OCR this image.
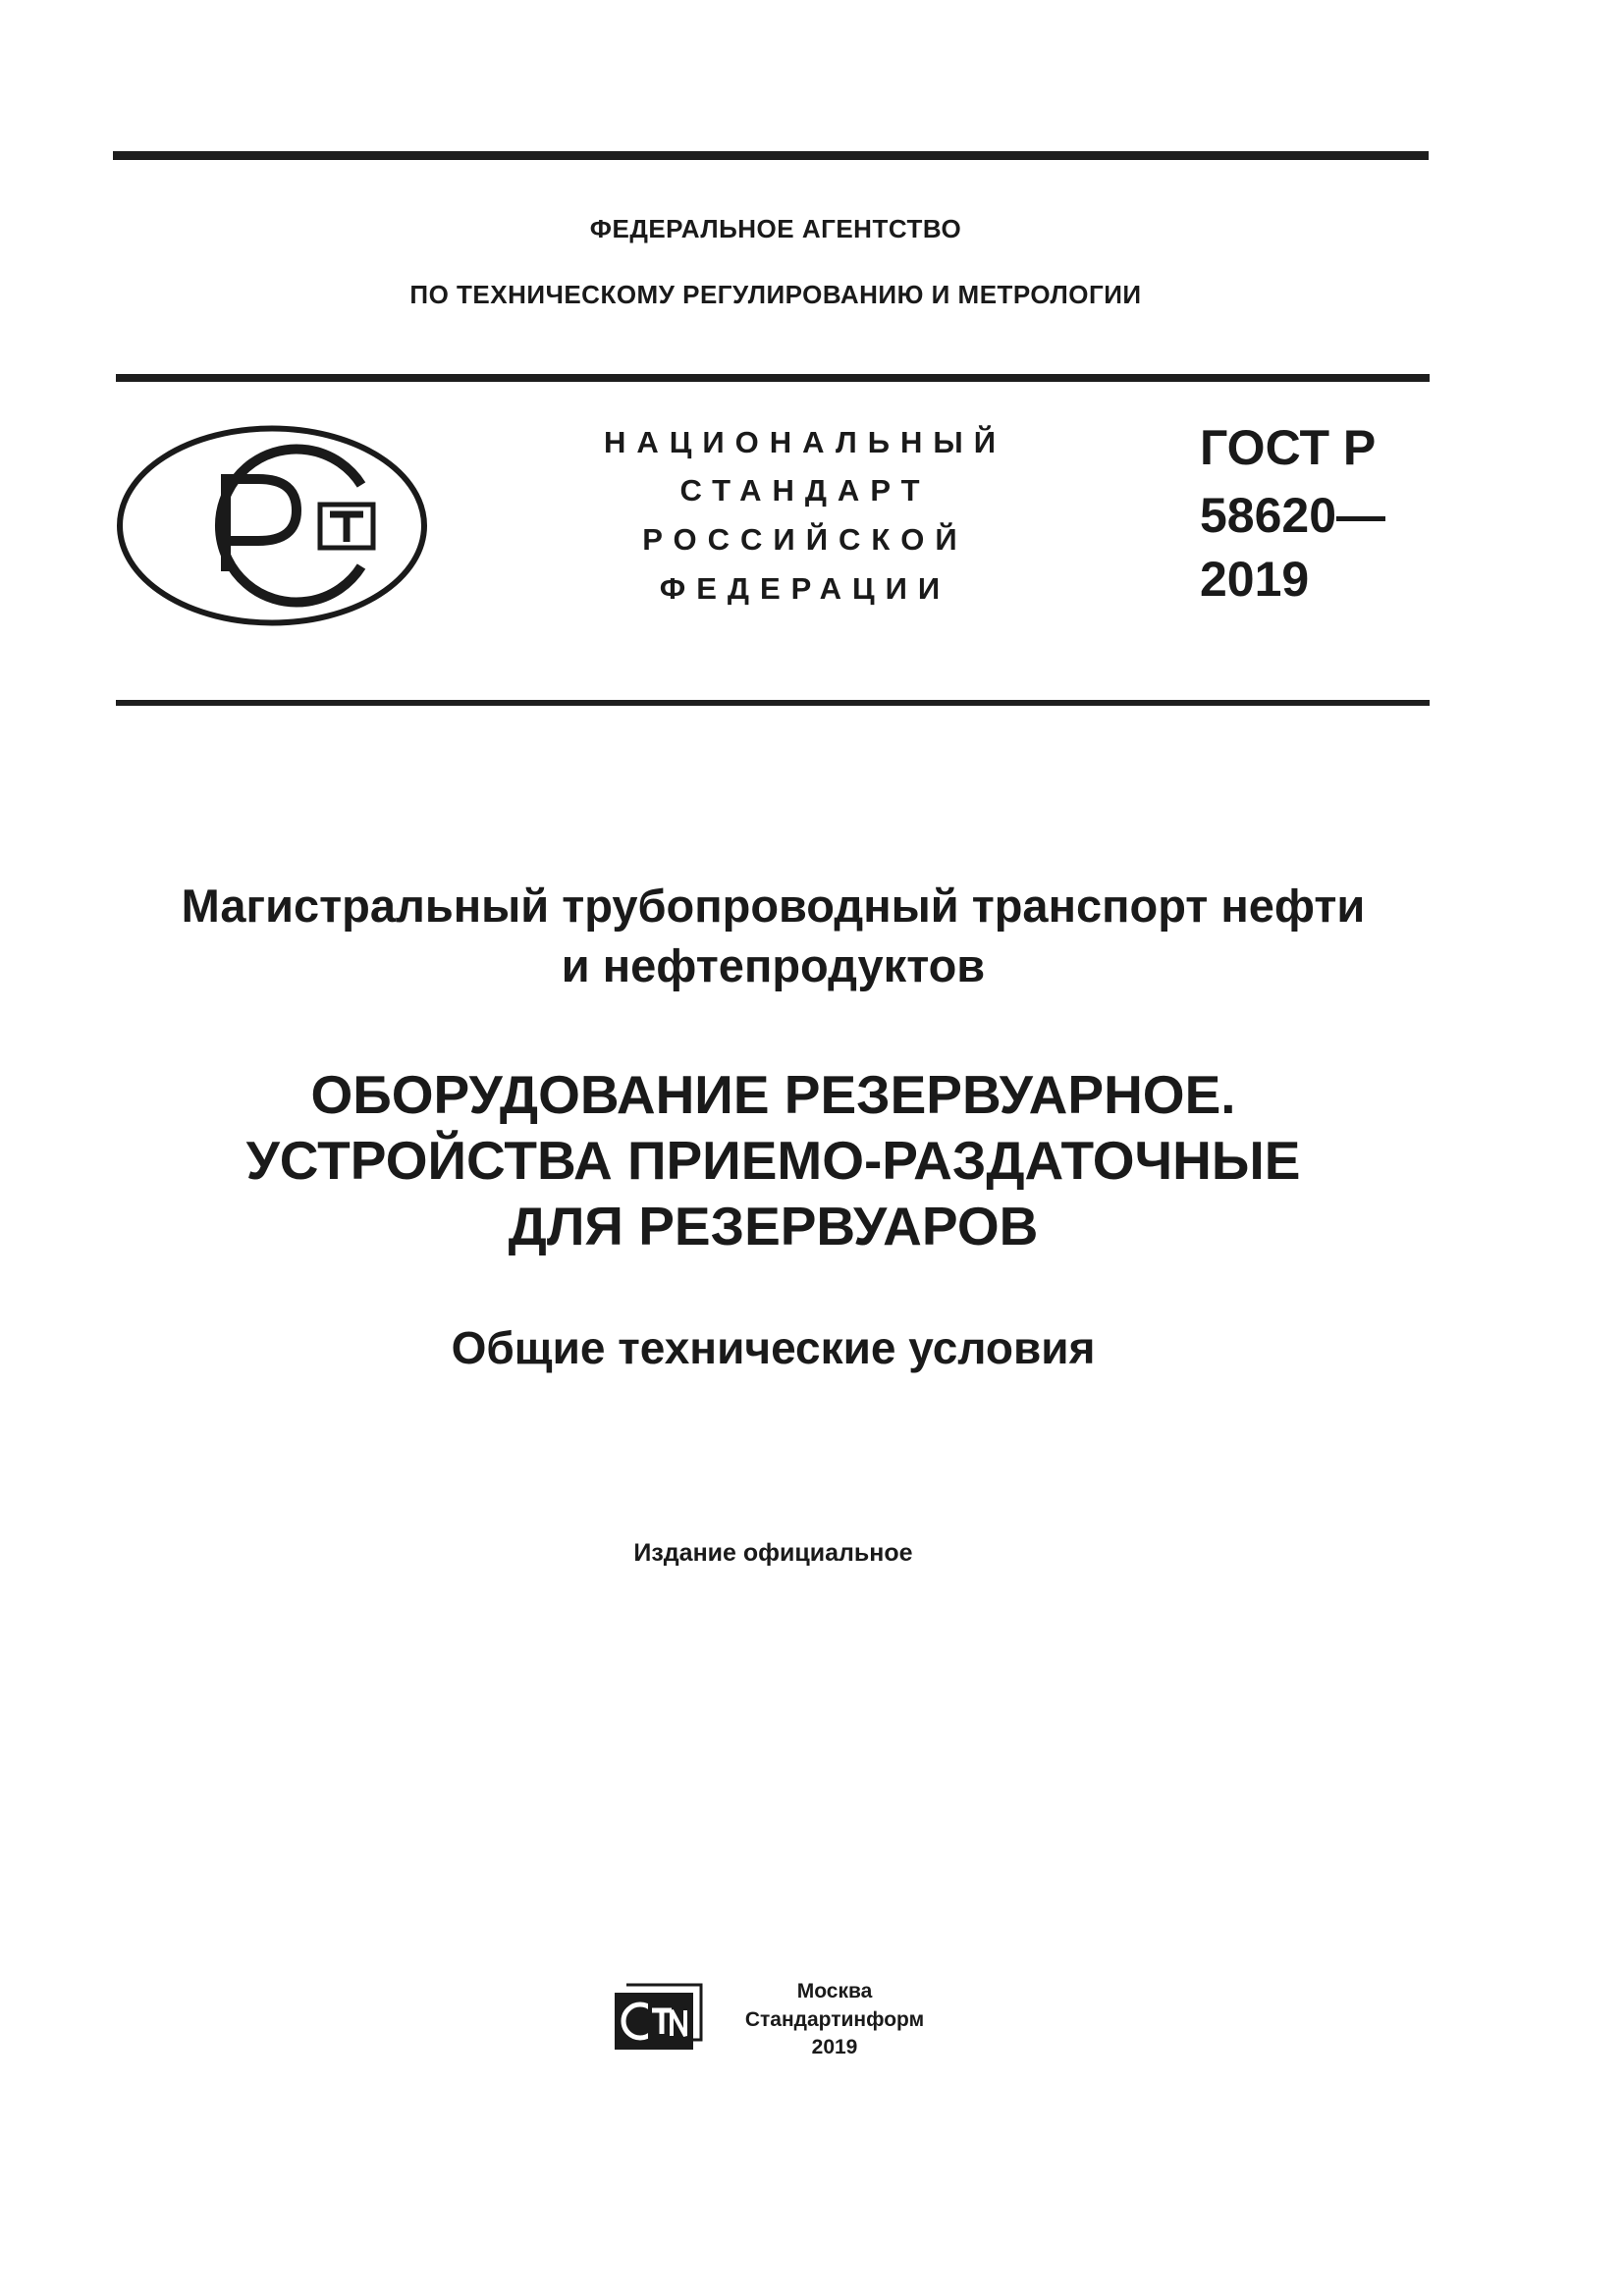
ФЕДЕРАЛЬНОЕ АГЕНТСТВО
ПО ТЕХНИЧЕСКОМУ РЕГУЛИРОВАНИЮ И МЕТРОЛОГИИ
НАЦИОНАЛЬНЫЙ
СТАНДАРТ
РОССИЙСКОЙ
ФЕДЕРАЦИИ
ГОСТ Р
58620—
2019
Магистральный трубопроводный транспорт нефти
и нефтепродуктов
ОБОРУДОВАНИЕ РЕЗЕРВУАРНОЕ.
УСТРОЙСТВА ПРИЕМО-РАЗДАТОЧНЫЕ
ДЛЯ РЕЗЕРВУАРОВ
Общие технические условия
Издание официальное
Москва
Стандартинформ
2019
